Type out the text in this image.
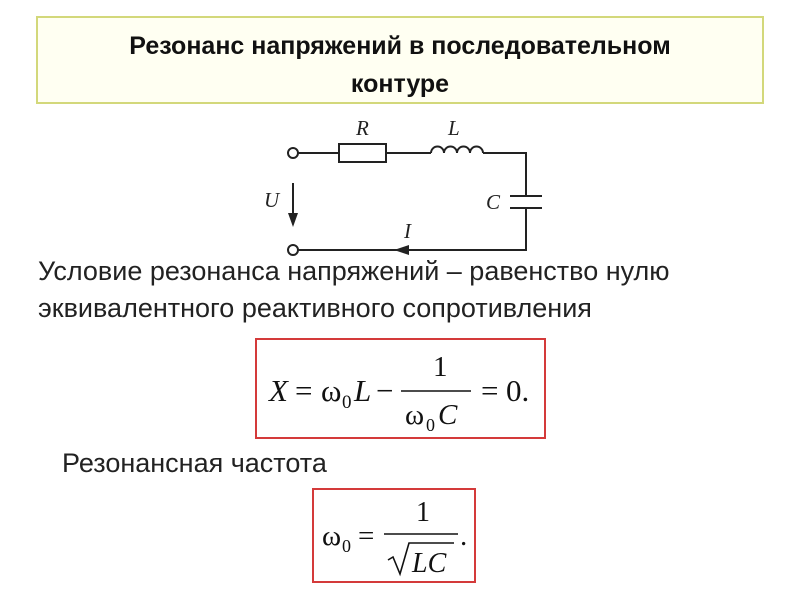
Резонанс напряжений в последовательном
контуре
R	L
C
U
I
Условие резонанса напряжений – равенство нулю
эквивалентного реактивного сопротивления
X = ω 0 L −
1
ω 0 C
= 0.
Резонансная частота
ω 0 =
1
LC
.
